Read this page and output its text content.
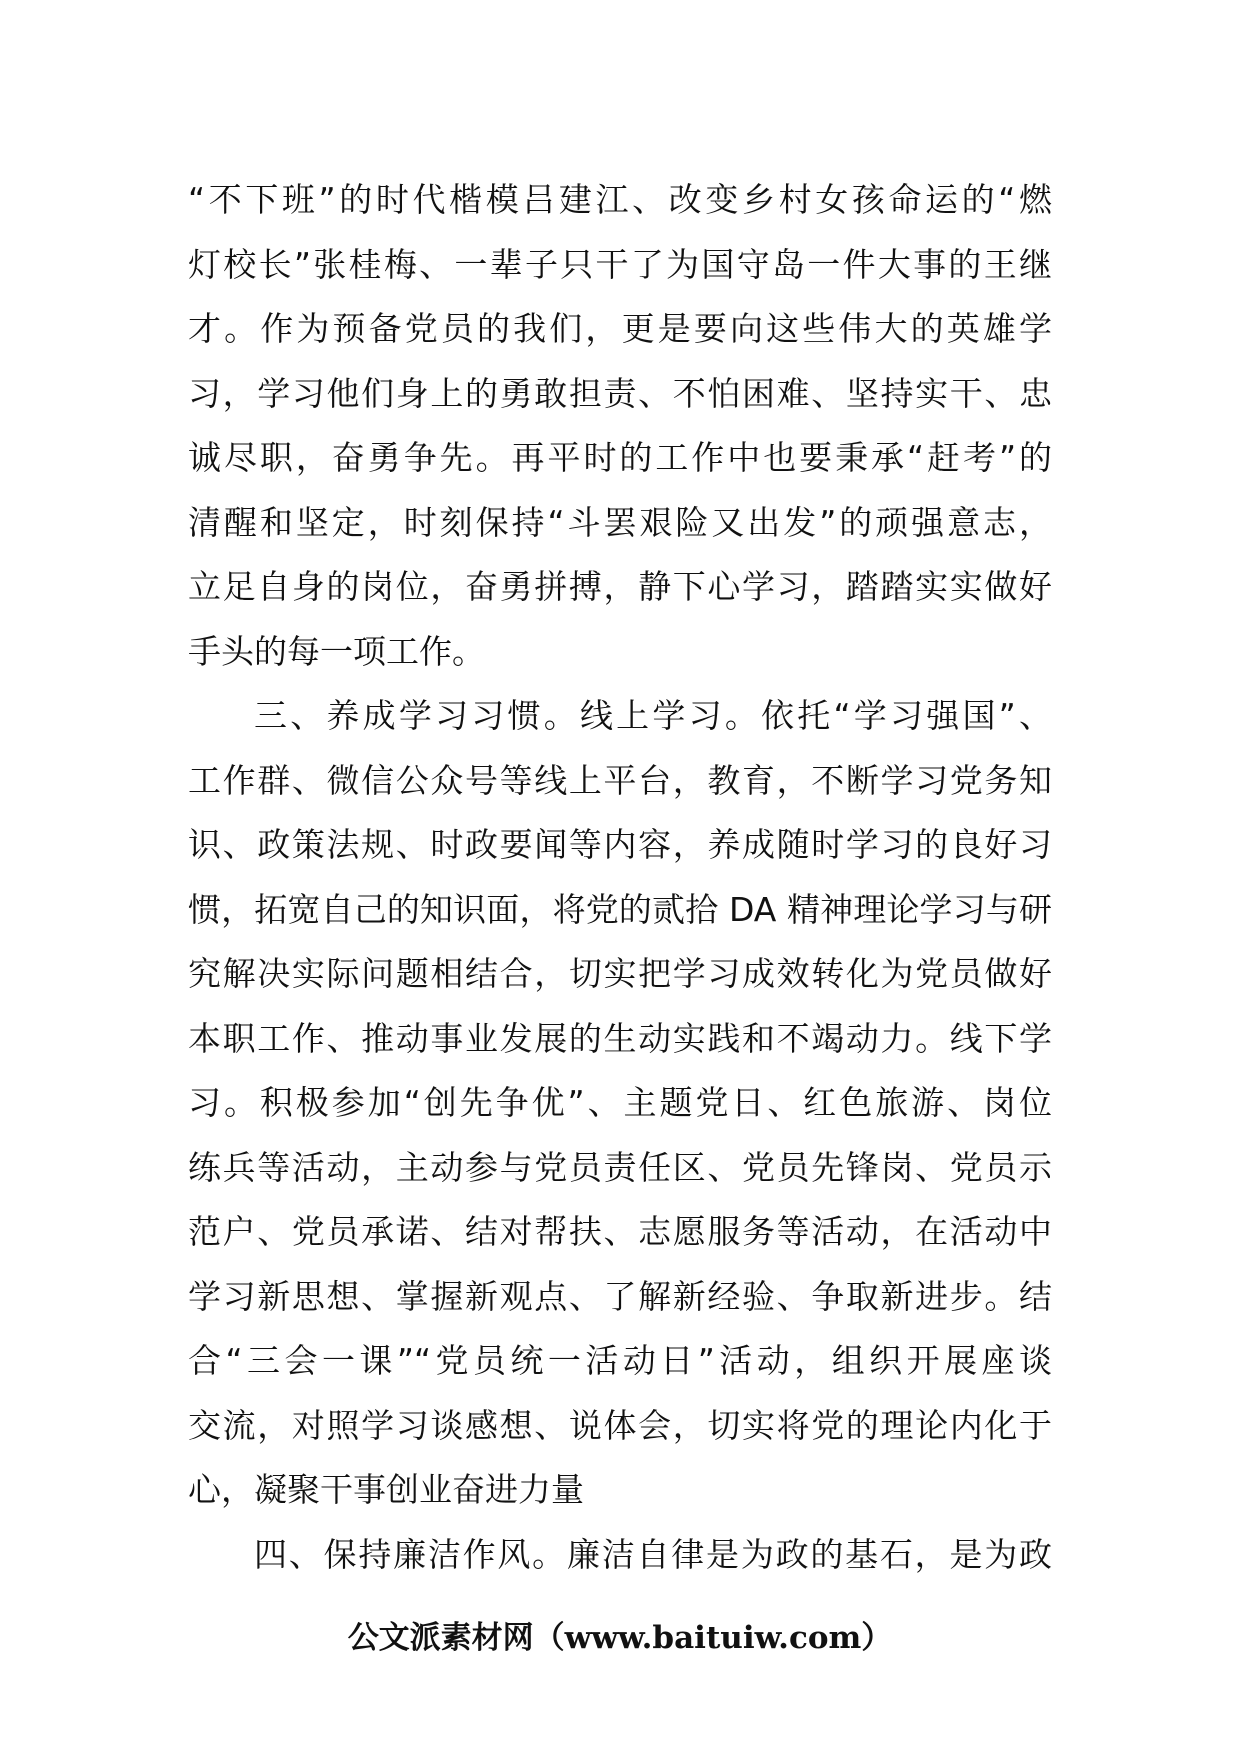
“不下班”的时代楷模吕建江、改变乡村女孩命运的“燃
灯校长”张桂梅、一辈子只干了为国守岛一件大事的王继
才。作为预备党员的我们，更是要向这些伟大的英雄学
习，学习他们身上的勇敢担责、不怕困难、坚持实干、忠
诚尽职，奋勇争先。再平时的工作中也要秉承“赶考”的
清醒和坚定，时刻保持“斗罢艰险又出发”的顽强意志，
立足自身的岗位，奋勇拼搏，静下心学习，踏踏实实做好
手头的每一项工作。
三、养成学习习惯。线上学习。依托“学习强国”、
工作群、微信公众号等线上平台，教育，不断学习党务知
识、政策法规、时政要闻等内容，养成随时学习的良好习
惯，拓宽自己的知识面，将党的贰拾 DA 精神理论学习与研
究解决实际问题相结合，切实把学习成效转化为党员做好
本职工作、推动事业发展的生动实践和不竭动力。线下学
习。积极参加“创先争优”、主题党日、红色旅游、岗位
练兵等活动，主动参与党员责任区、党员先锋岗、党员示
范户、党员承诺、结对帮扶、志愿服务等活动，在活动中
学习新思想、掌握新观点、了解新经验、争取新进步。结
合“三会一课”“党员统一活动日”活动，组织开展座谈
交流，对照学习谈感想、说体会，切实将党的理论内化于
心，凝聚干事创业奋进力量
四、保持廉洁作风。廉洁自律是为政的基石，是为政
公文派素材网（www.baituiw.com）
